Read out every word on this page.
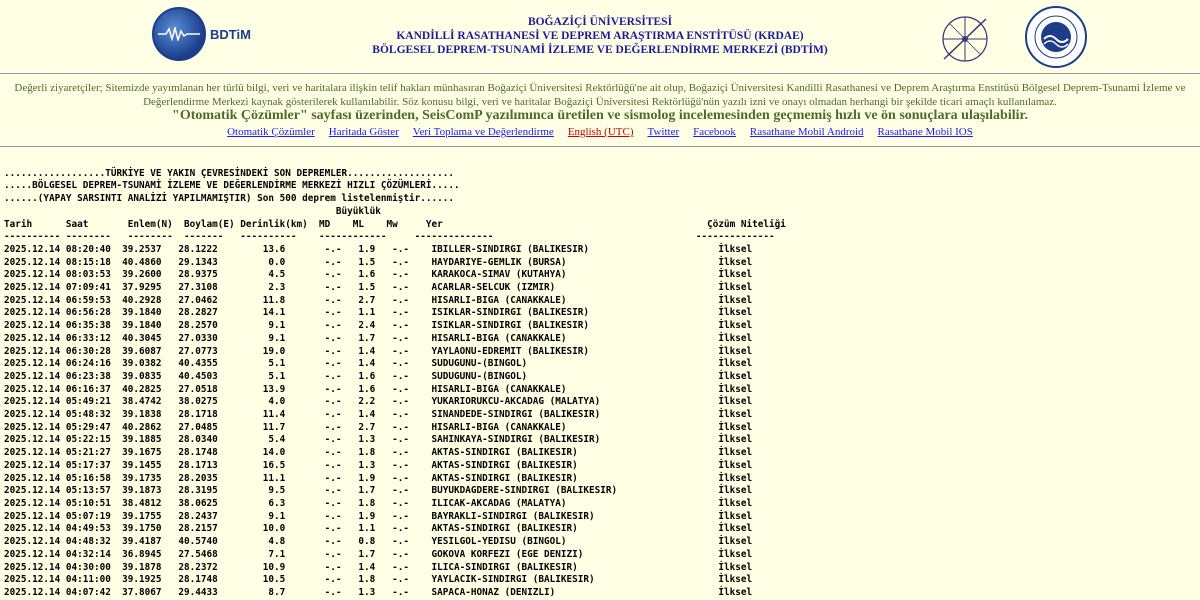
BDTiM
BOĞAZİÇİ ÜNİVERSİTESİ
KANDİLLİ RASATHANESİ VE DEPREM ARAŞTIRMA ENSTİTÜSÜ (KRDAE)
BÖLGESEL DEPREM-TSUNAMİ İZLEME VE DEĞERLENDİRME MERKEZİ (BDTİM)
Değerli ziyaretçiler; Sitemizde yayımlanan her türlü bilgi, veri ve haritalara ilişkin telif hakları münhasıran Boğaziçi Üniversitesi Rektörlüğü'ne ait olup, Boğaziçi Üniversitesi Kandilli Rasathanesi ve Deprem Araştırma Enstitüsü Bölgesel Deprem-Tsunami İzleme ve Değerlendirme Merkezi kaynak gösterilerek kullanılabilir. Söz konusu bilgi, veri ve haritalar Boğaziçi Üniversitesi Rektörlüğü'nün yazılı izni ve onayı olmadan herhangi bir şekilde ticari amaçlı kullanılamaz.
"Otomatik Çözümler" sayfası üzerinden, SeisComP yazılımınca üretilen ve sismolog incelemesinden geçmemiş hızlı ve ön sonuçlara ulaşılabilir.
Otomatik Çözümler Haritada Göster Veri Toplama ve Değerlendirme English (UTC) Twitter Facebook Rasathane Mobil Android Rasathane Mobil IOS

..................TÜRKİYE VE YAKIN ÇEVRESİNDEKİ SON DEPREMLER...................
.....BÖLGESEL DEPREM-TSUNAMİ İZLEME VE DEĞERLENDİRME MERKEZİ HIZLI ÇÖZÜMLERİ.....
......(YAPAY SARSINTI ANALİZİ YAPILMAMIŞTIR) Son 500 deprem listelenmiştir......
Büyüklük
Tarih      Saat       Enlem(N)  Boylam(E) Derinlik(km)  MD    ML    Mw     Yer                                               Çözüm Niteliği
---------- --------   --------  -------   ----------    ------------     --------------                                    --------------
2025.12.14 08:20:40  39.2537   28.1222        13.6       -.-   1.9   -.-    IBILLER-SINDIRGI (BALIKESIR)                       İlksel
2025.12.14 08:15:18  40.4860   29.1343         0.0       -.-   1.5   -.-    HAYDARIYE-GEMLIK (BURSA)                           İlksel
2025.12.14 08:03:53  39.2600   28.9375         4.5       -.-   1.6   -.-    KARAKOCA-SIMAV (KUTAHYA)                           İlksel
2025.12.14 07:09:41  37.9295   27.3108         2.3       -.-   1.5   -.-    ACARLAR-SELCUK (IZMIR)                             İlksel
2025.12.14 06:59:53  40.2928   27.0462        11.8       -.-   2.7   -.-    HISARLI-BIGA (CANAKKALE)                           İlksel
2025.12.14 06:56:28  39.1840   28.2827        14.1       -.-   1.1   -.-    ISIKLAR-SINDIRGI (BALIKESIR)                       İlksel
2025.12.14 06:35:38  39.1840   28.2570         9.1       -.-   2.4   -.-    ISIKLAR-SINDIRGI (BALIKESIR)                       İlksel
2025.12.14 06:33:12  40.3045   27.0330         9.1       -.-   1.7   -.-    HISARLI-BIGA (CANAKKALE)                           İlksel
2025.12.14 06:30:28  39.6087   27.0773        19.0       -.-   1.4   -.-    YAYLAONU-EDREMIT (BALIKESIR)                       İlksel
2025.12.14 06:24:16  39.0382   40.4355         5.1       -.-   1.4   -.-    SUDUGUNU-(BINGOL)                                  İlksel
2025.12.14 06:23:38  39.0835   40.4503         5.1       -.-   1.6   -.-    SUDUGUNU-(BINGOL)                                  İlksel
2025.12.14 06:16:37  40.2825   27.0518        13.9       -.-   1.6   -.-    HISARLI-BIGA (CANAKKALE)                           İlksel
2025.12.14 05:49:21  38.4742   38.0275         4.0       -.-   2.2   -.-    YUKARIORUKCU-AKCADAG (MALATYA)                     İlksel
2025.12.14 05:48:32  39.1838   28.1718        11.4       -.-   1.4   -.-    SINANDEDE-SINDIRGI (BALIKESIR)                     İlksel
2025.12.14 05:29:47  40.2862   27.0485        11.7       -.-   2.7   -.-    HISARLI-BIGA (CANAKKALE)                           İlksel
2025.12.14 05:22:15  39.1885   28.0340         5.4       -.-   1.3   -.-    SAHINKAYA-SINDIRGI (BALIKESIR)                     İlksel
2025.12.14 05:21:27  39.1675   28.1748        14.0       -.-   1.8   -.-    AKTAS-SINDIRGI (BALIKESIR)                         İlksel
2025.12.14 05:17:37  39.1455   28.1713        16.5       -.-   1.3   -.-    AKTAS-SINDIRGI (BALIKESIR)                         İlksel
2025.12.14 05:16:58  39.1735   28.2035        11.1       -.-   1.9   -.-    AKTAS-SINDIRGI (BALIKESIR)                         İlksel
2025.12.14 05:13:57  39.1873   28.3195         9.5       -.-   1.7   -.-    BUYUKDAGDERE-SINDIRGI (BALIKESIR)                  İlksel
2025.12.14 05:10:51  38.4812   38.0625         6.3       -.-   1.8   -.-    ILICAK-AKCADAG (MALATYA)                           İlksel
2025.12.14 05:07:19  39.1755   28.2437         9.1       -.-   1.9   -.-    BAYRAKLI-SINDIRGI (BALIKESIR)                      İlksel
2025.12.14 04:49:53  39.1750   28.2157        10.0       -.-   1.1   -.-    AKTAS-SINDIRGI (BALIKESIR)                         İlksel
2025.12.14 04:48:32  39.4187   40.5740         4.8       -.-   0.8   -.-    YESILGOL-YEDISU (BINGOL)                           İlksel
2025.12.14 04:32:14  36.8945   27.5468         7.1       -.-   1.7   -.-    GOKOVA KORFEZI (EGE DENIZI)                        İlksel
2025.12.14 04:30:00  39.1878   28.2372        10.9       -.-   1.4   -.-    ILICA-SINDIRGI (BALIKESIR)                         İlksel
2025.12.14 04:11:00  39.1925   28.1748        10.5       -.-   1.8   -.-    YAYLACIK-SINDIRGI (BALIKESIR)                      İlksel
2025.12.14 04:07:42  37.8067   29.4433         8.7       -.-   1.3   -.-    SAPACA-HONAZ (DENIZLI)                             İlksel
